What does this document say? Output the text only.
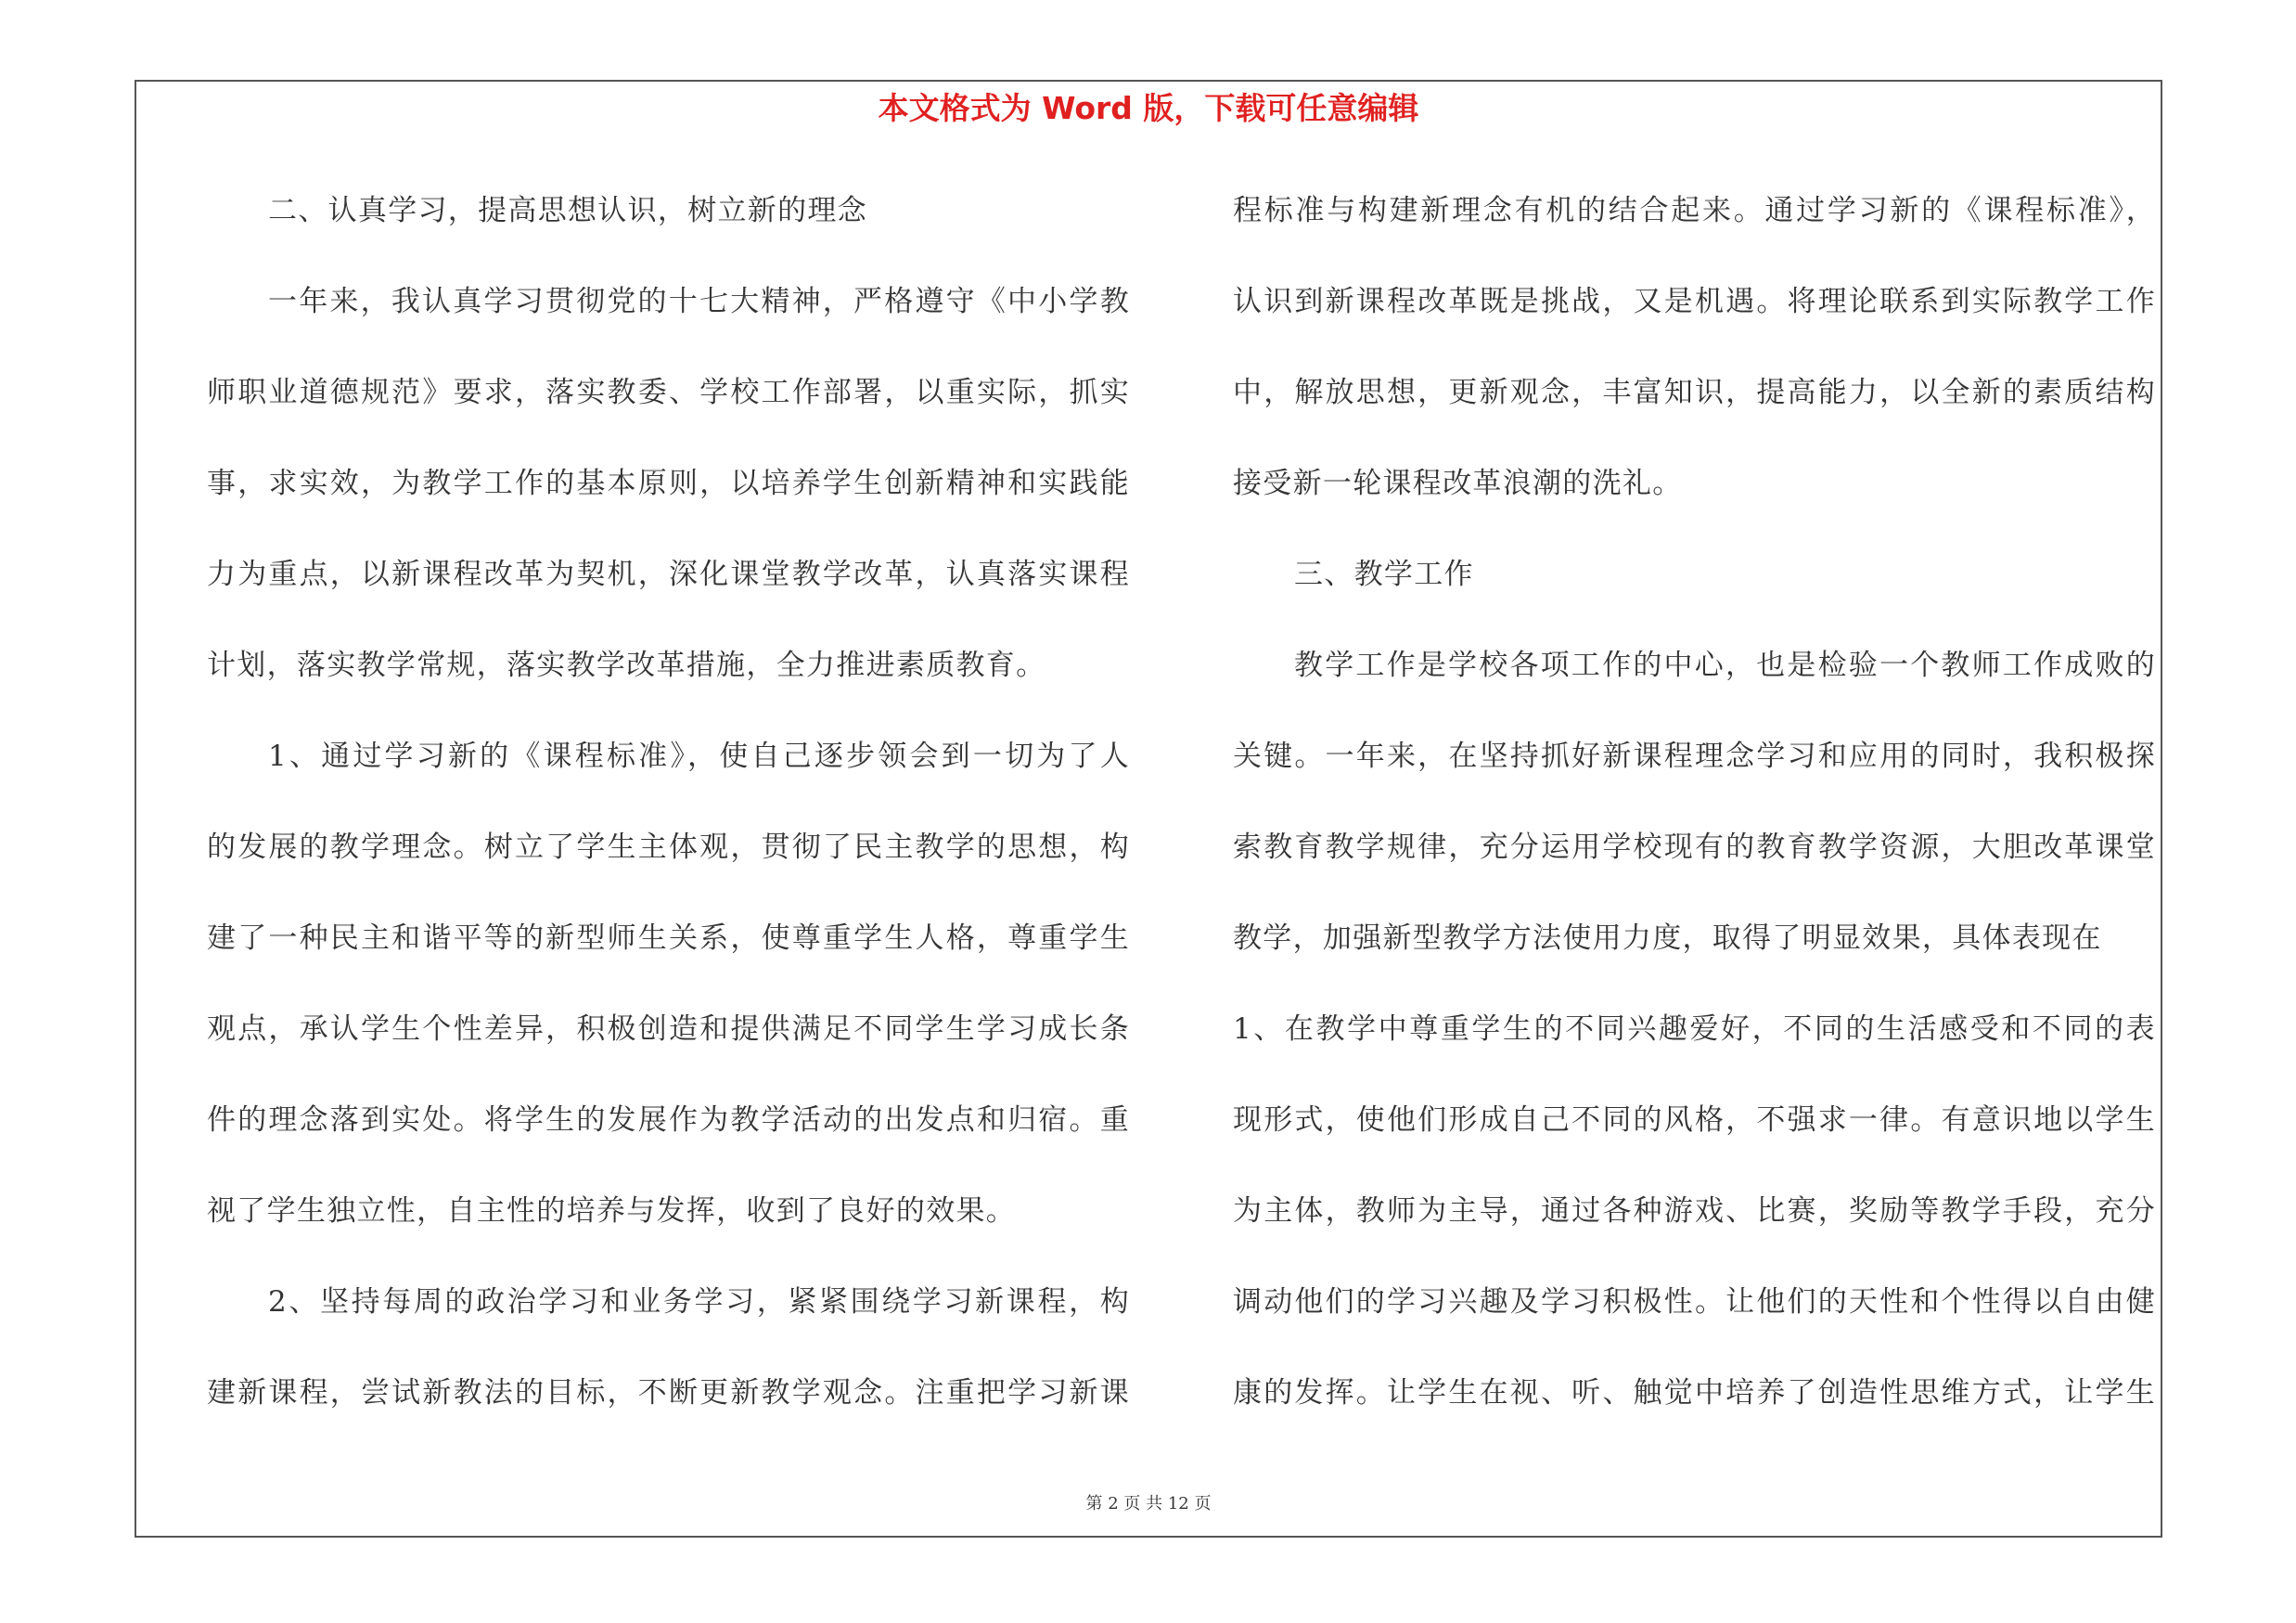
本文格式为 Word 版，下载可任意编辑
二、认真学习，提高思想认识，树立新的理念
一年来，我认真学习贯彻党的十七大精神，严格遵守《中小学教
师职业道德规范》要求，落实教委、学校工作部署，以重实际，抓实
事，求实效，为教学工作的基本原则，以培养学生创新精神和实践能
力为重点，以新课程改革为契机，深化课堂教学改革，认真落实课程
计划，落实教学常规，落实教学改革措施，全力推进素质教育。
1、通过学习新的《课程标准》，使自己逐步领会到一切为了人
的发展的教学理念。树立了学生主体观，贯彻了民主教学的思想，构
建了一种民主和谐平等的新型师生关系，使尊重学生人格，尊重学生
观点，承认学生个性差异，积极创造和提供满足不同学生学习成长条
件的理念落到实处。将学生的发展作为教学活动的出发点和归宿。重
视了学生独立性，自主性的培养与发挥，收到了良好的效果。
2、坚持每周的政治学习和业务学习，紧紧围绕学习新课程，构
建新课程，尝试新教法的目标，不断更新教学观念。注重把学习新课
程标准与构建新理念有机的结合起来。通过学习新的《课程标准》，
认识到新课程改革既是挑战，又是机遇。将理论联系到实际教学工作
中，解放思想，更新观念，丰富知识，提高能力，以全新的素质结构
接受新一轮课程改革浪潮的洗礼。
三、教学工作
教学工作是学校各项工作的中心，也是检验一个教师工作成败的
关键。一年来，在坚持抓好新课程理念学习和应用的同时，我积极探
索教育教学规律，充分运用学校现有的教育教学资源，大胆改革课堂
教学，加强新型教学方法使用力度，取得了明显效果，具体表现在
1、在教学中尊重学生的不同兴趣爱好，不同的生活感受和不同的表
现形式，使他们形成自己不同的风格，不强求一律。有意识地以学生
为主体，教师为主导，通过各种游戏、比赛，奖励等教学手段，充分
调动他们的学习兴趣及学习积极性。让他们的天性和个性得以自由健
康的发挥。让学生在视、听、触觉中培养了创造性思维方式，让学生
第 2 页 共 12 页
